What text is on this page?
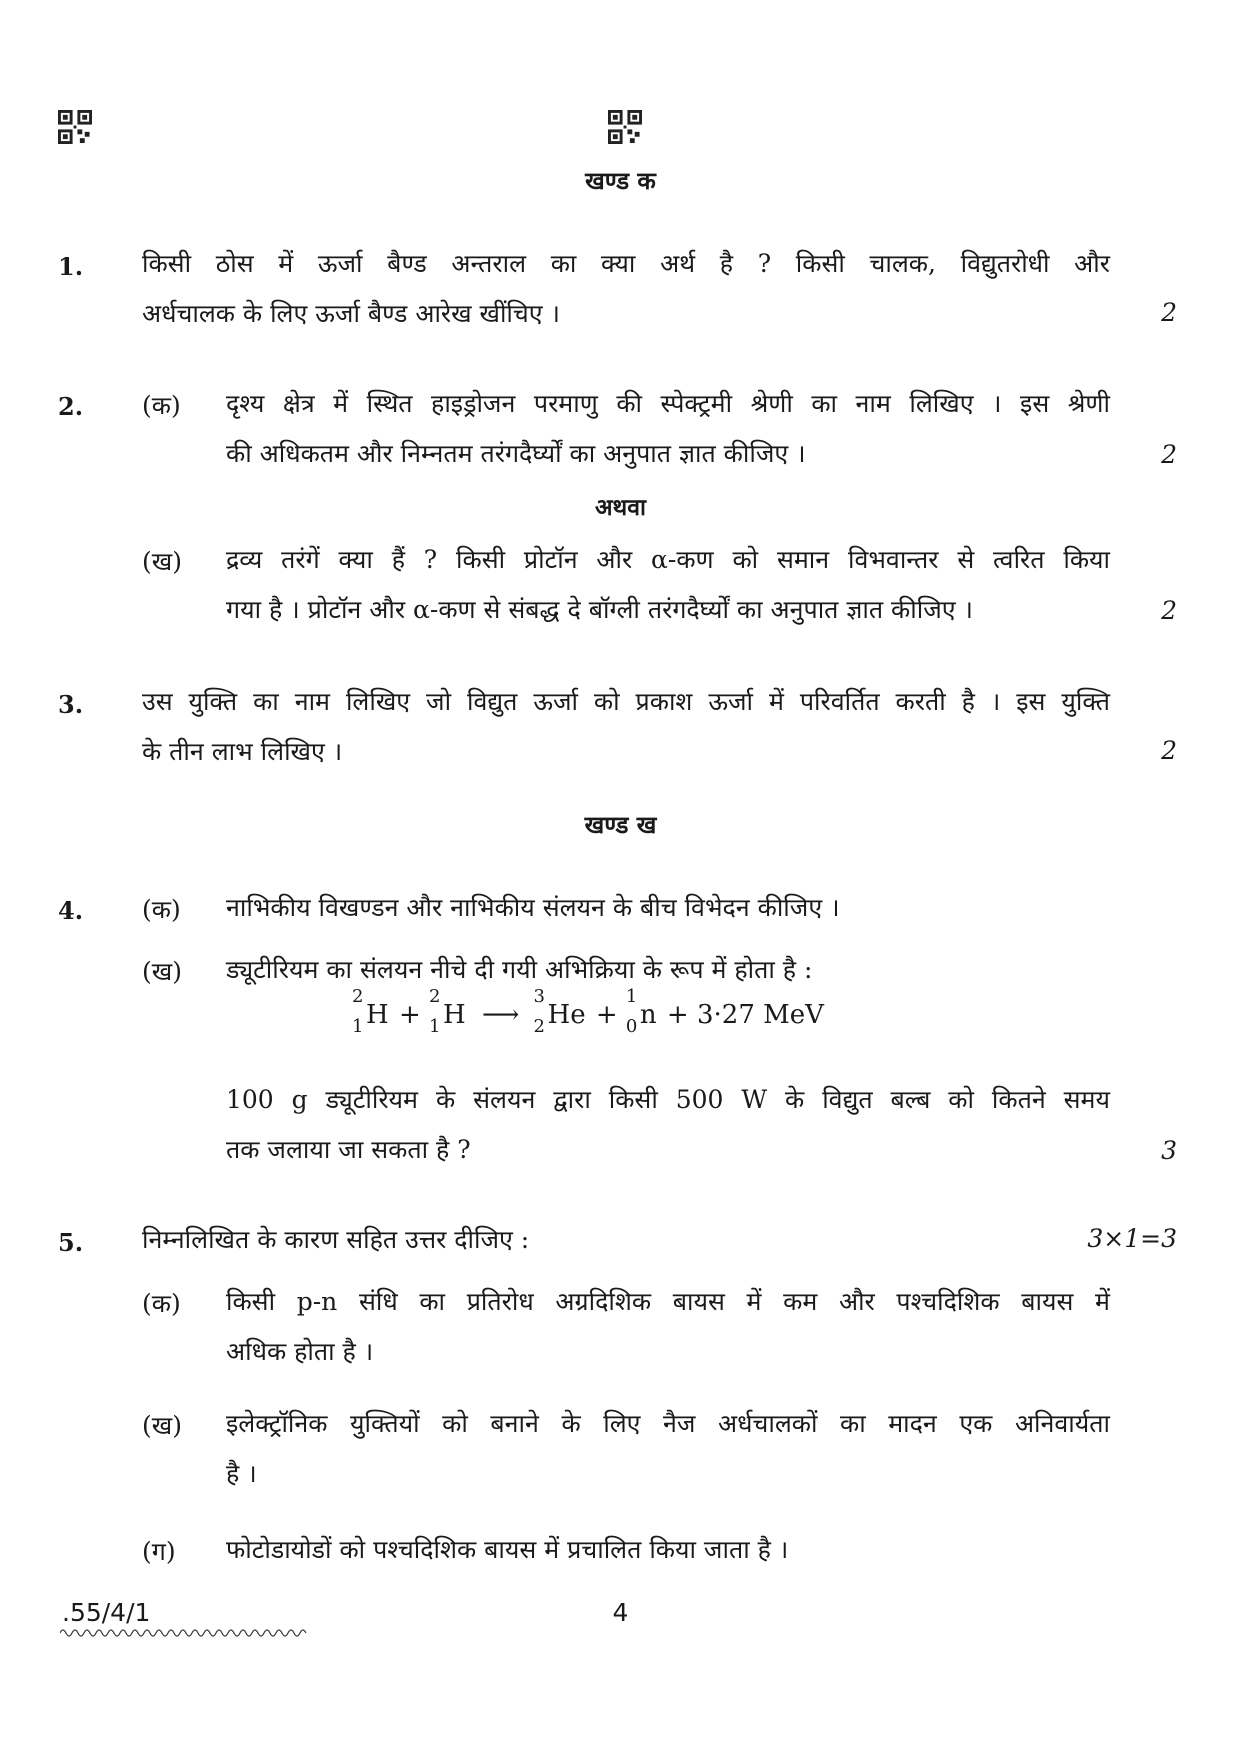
खण्ड क
1. किसी ठोस में ऊर्जा बैण्ड अन्तराल का क्या अर्थ है ? किसी चालक, विद्युतरोधी और
अर्धचालक के लिए ऊर्जा बैण्ड आरेख खींचिए ।	2
2. (क) दृश्य क्षेत्र में स्थित हाइड्रोजन परमाणु की स्पेक्ट्रमी श्रेणी का नाम लिखिए । इस श्रेणी
की अधिकतम और निम्नतम तरंगदैर्घ्यों का अनुपात ज्ञात कीजिए ।	2
अथवा
(ख) द्रव्य तरंगें क्या हैं ? किसी प्रोटॉन और α-कण को समान विभवान्तर से त्वरित किया
गया है । प्रोटॉन और α-कण से संबद्ध दे बॉग्ली तरंगदैर्घ्यों का अनुपात ज्ञात कीजिए ।	2
3. उस युक्ति का नाम लिखिए जो विद्युत ऊर्जा को प्रकाश ऊर्जा में परिवर्तित करती है । इस युक्ति
के तीन लाभ लिखिए ।	2
खण्ड ख
4. (क) नाभिकीय विखण्डन और नाभिकीय संलयन के बीच विभेदन कीजिए ।
(ख) ड्यूटीरियम का संलयन नीचे दी गयी अभिक्रिया के रूप में होता है :
2
1 H +
2
1 H ⟶
3
2 He +
1
0 n + 3·27 MeV
100 g ड्यूटीरियम के संलयन द्वारा किसी 500 W के विद्युत बल्ब को कितने समय
तक जलाया जा सकता है ?	3
5. निम्नलिखित के कारण सहित उत्तर दीजिए :	3×1=3
(क) किसी p-n संधि का प्रतिरोध अग्रदिशिक बायस में कम और पश्चदिशिक बायस में
अधिक होता है ।
(ख) इलेक्ट्रॉनिक युक्तियों को बनाने के लिए नैज अर्धचालकों का मादन एक अनिवार्यता
है ।
(ग) फोटोडायोडों को पश्चदिशिक बायस में प्रचालित किया जाता है ।
.55/4/1	4
